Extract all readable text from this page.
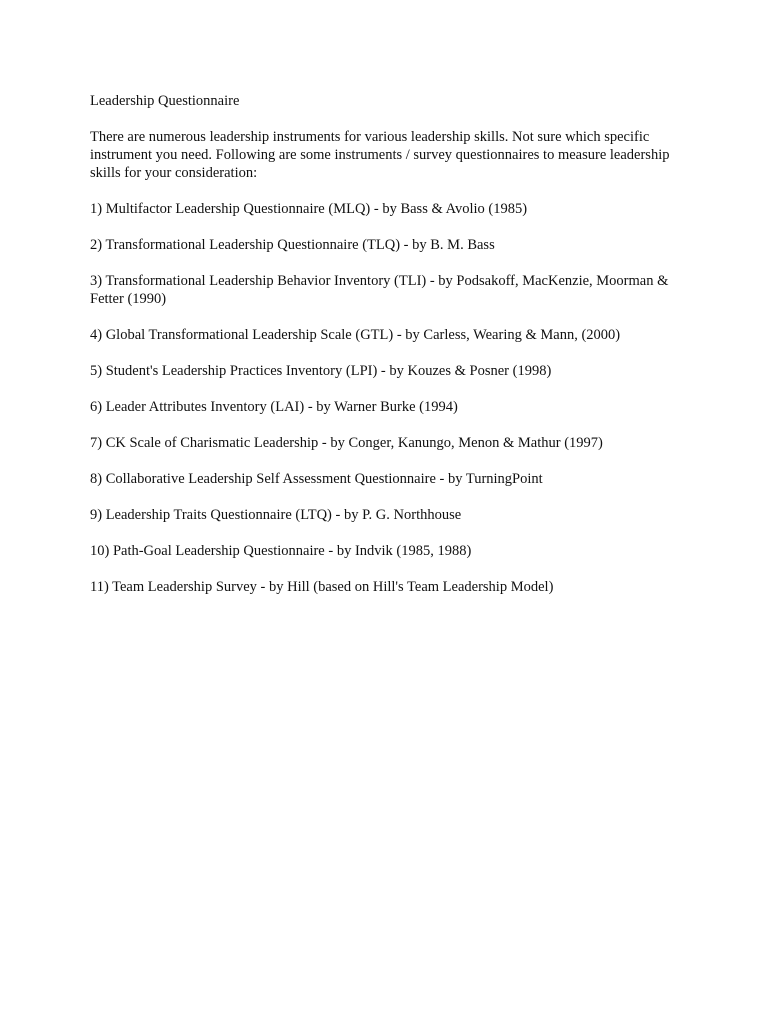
Leadership Questionnaire

There are numerous leadership instruments for various leadership skills. Not sure which specific instrument you need. Following are some instruments / survey questionnaires to measure leadership skills for your consideration:

1) Multifactor Leadership Questionnaire (MLQ) - by Bass & Avolio (1985)

2) Transformational Leadership Questionnaire (TLQ) - by B. M. Bass

3) Transformational Leadership Behavior Inventory (TLI) - by Podsakoff, MacKenzie, Moorman & Fetter (1990)

4) Global Transformational Leadership Scale (GTL) - by Carless, Wearing & Mann, (2000)

5) Student's Leadership Practices Inventory (LPI) - by Kouzes & Posner (1998)

6) Leader Attributes Inventory (LAI) - by Warner Burke (1994)

7) CK Scale of Charismatic Leadership - by Conger, Kanungo, Menon & Mathur (1997)

8) Collaborative Leadership Self Assessment Questionnaire - by TurningPoint

9) Leadership Traits Questionnaire (LTQ) - by P. G. Northhouse

10) Path-Goal Leadership Questionnaire - by Indvik (1985, 1988)

11) Team Leadership Survey - by Hill (based on Hill's Team Leadership Model)
